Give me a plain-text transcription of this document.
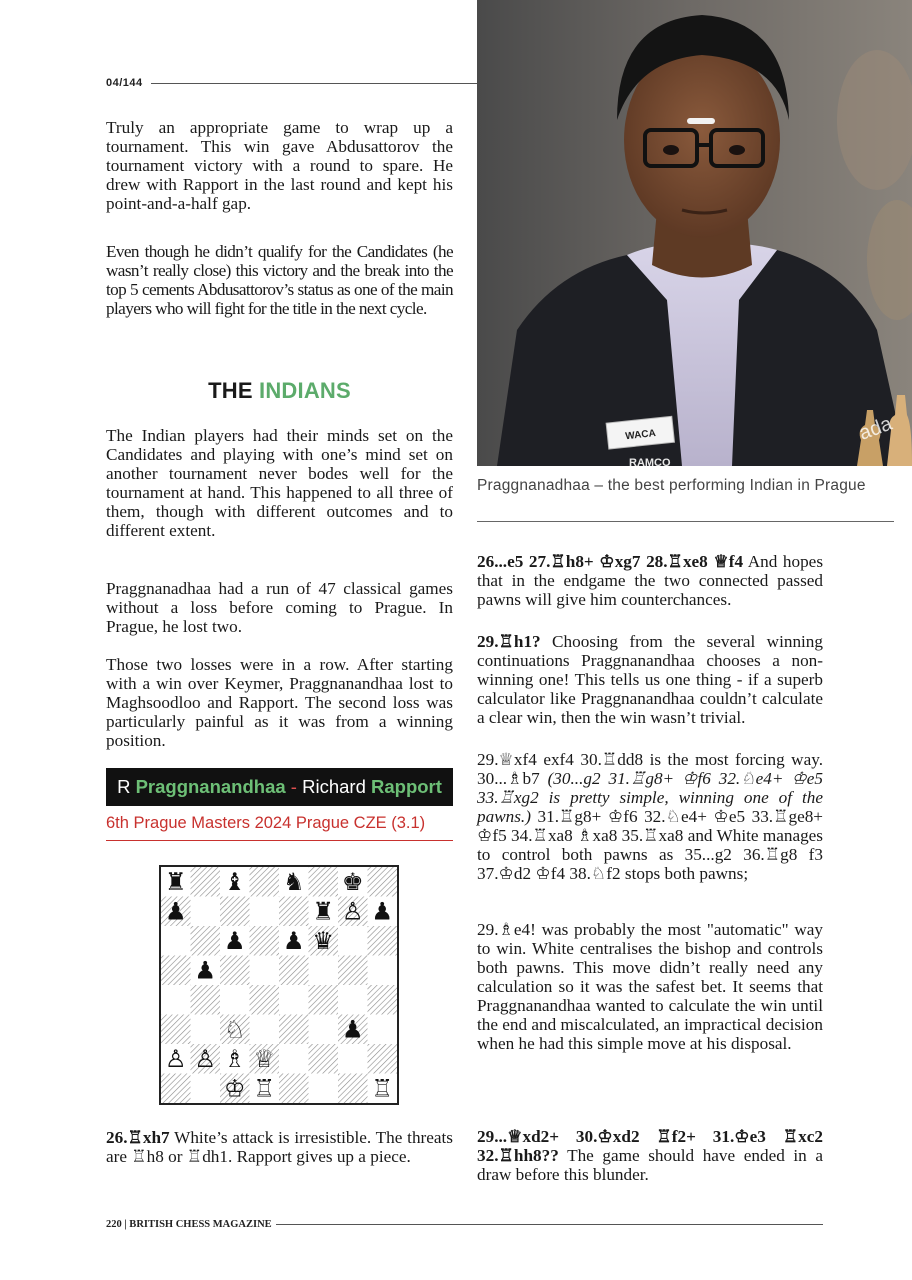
04/144

Truly an appropriate game to wrap up a tournament. This win gave Abdusattorov the tournament victory with a round to spare. He drew with Rapport in the last round and kept his point-and-a-half gap.

Even though he didn’t qualify for the Candidates (he wasn’t really close) this victory and the break into the top 5 cements Abdusattorov’s status as one of the main players who will fight for the title in the next cycle.

THE INDIANS

The Indian players had their minds set on the Candidates and playing with one’s mind set on another tournament never bodes well for the tournament at hand. This happened to all three of them, though with different outcomes and to different extent.

Praggnanadhaa had a run of 47 classical games without a loss before coming to Prague. In Prague, he lost two.

Those two losses were in a row. After starting with a win over Keymer, Praggnanandhaa lost to Maghsoodloo and Rapport. The second loss was particularly painful as it was from a winning position.

R Praggnanandhaa - Richard Rapport
6th Prague Masters 2024 Prague CZE (3.1)
♜ ♝ ♞ ♚
♟	♜ ♙ ♟
♟ ♟ ♛
♟
♘	♟
♙ ♙ ♗ ♕
♔ ♖	♖

26.♖xh7 White’s attack is irresistible. The threats are ♖h8 or ♖dh1. Rapport gives up a piece.

WACA
RAMCO
ada
Praggnanadhaa – the best performing Indian in Prague

26...e5 27.♖h8+ ♔xg7 28.♖xe8 ♕f4 And hopes that in the endgame the two connected passed pawns will give him counterchances.

29.♖h1? Choosing from the several winning continuations Praggnanandhaa chooses a non-winning one! This tells us one thing - if a superb calculator like Praggnanandhaa couldn’t calculate a clear win, then the win wasn’t trivial.

29.♕xf4 exf4 30.♖dd8 is the most forcing way. 30...♗b7 (30...g2 31.♖g8+ ♔f6 32.♘e4+ ♔e5 33.♖xg2 is pretty simple, winning one of the pawns.) 31.♖g8+ ♔f6 32.♘e4+ ♔e5 33.♖ge8+ ♔f5 34.♖xa8 ♗xa8 35.♖xa8 and White manages to control both pawns as 35...g2 36.♖g8 f3 37.♔d2 ♔f4 38.♘f2 stops both pawns;

29.♗e4! was probably the most "automatic" way to win. White centralises the bishop and controls both pawns. This move didn’t really need any calculation so it was the safest bet. It seems that Praggnanandhaa wanted to calculate the win until the end and miscalculated, an impractical decision when he had this simple move at his disposal.

29...♕xd2+ 30.♔xd2 ♖f2+ 31.♔e3 ♖xc2 32.♖hh8?? The game should have ended in a draw before this blunder.

220 | BRITISH CHESS MAGAZINE
